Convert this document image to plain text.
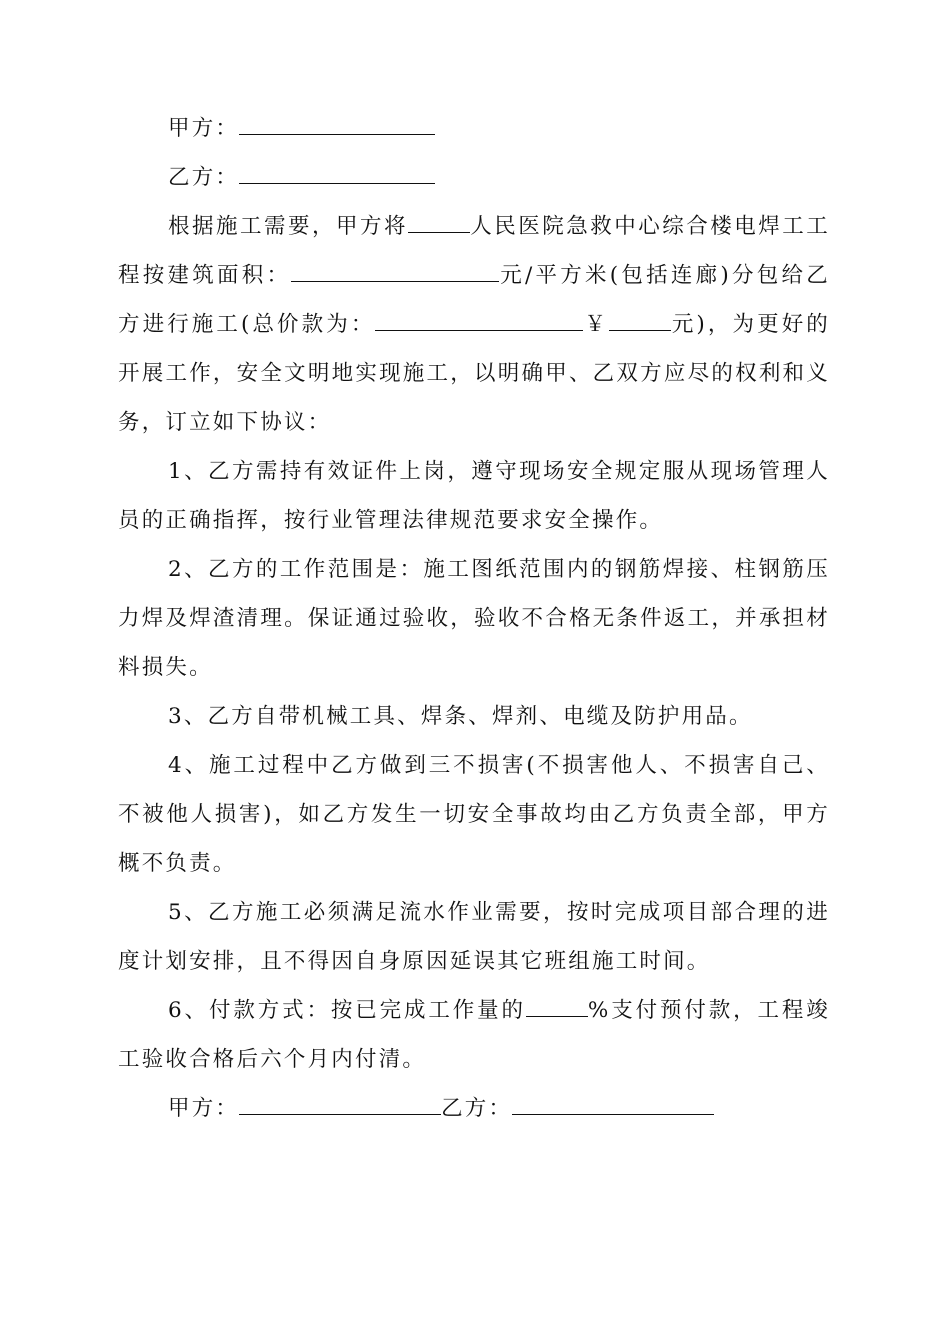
甲方：

乙方：

根据施工需要，甲方将	人民医院急救中心综合楼电焊工工程按建筑面积：	元/平方米(包括连廊)分包给乙方进行施工(总价款为：	￥	元)，为更好的开展工作，安全文明地实现施工，以明确甲、乙双方应尽的权利和义务，订立如下协议：

1、乙方需持有效证件上岗，遵守现场安全规定服从现场管理人员的正确指挥，按行业管理法律规范要求安全操作。

2、乙方的工作范围是：施工图纸范围内的钢筋焊接、柱钢筋压力焊及焊渣清理。保证通过验收，验收不合格无条件返工，并承担材料损失。

3、乙方自带机械工具、焊条、焊剂、电缆及防护用品。

4、施工过程中乙方做到三不损害(不损害他人、不损害自己、不被他人损害)，如乙方发生一切安全事故均由乙方负责全部，甲方概不负责。

5、乙方施工必须满足流水作业需要，按时完成项目部合理的进度计划安排，且不得因自身原因延误其它班组施工时间。

6、付款方式：按已完成工作量的	%支付预付款，工程竣工验收合格后六个月内付清。

甲方：	乙方：
